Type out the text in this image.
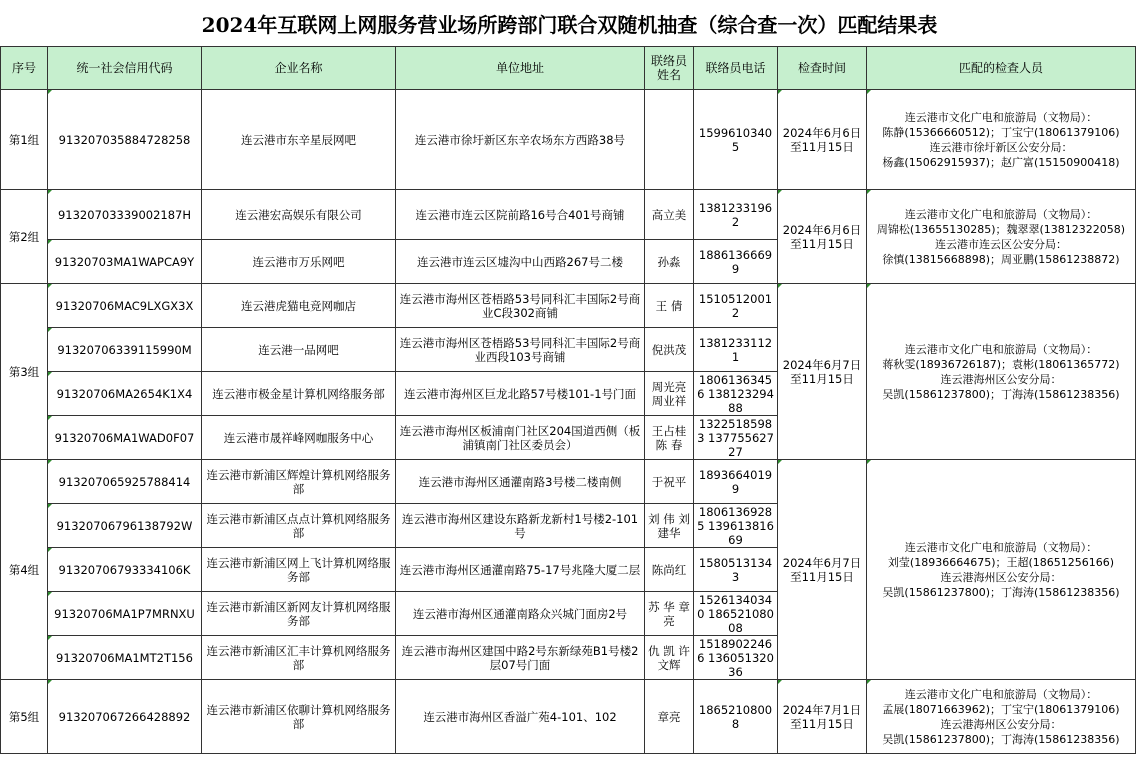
2024年互联网上网服务营业场所跨部门联合双随机抽查（综合查一次）匹配结果表
序号	统一社会信用代码	企业名称	单位地址	联络员姓名	联络员电话	检查时间	匹配的检查人员
第1组	913207035884728258	连云港市东辛星辰网吧	连云港市徐圩新区东辛农场东方西路38号		15996103405	2024年6月6日至11月15日	连云港市文化广电和旅游局（文物局）：
陈静(15366660512)；丁宝宁(18061379106)
连云港市徐圩新区公安分局：
杨鑫(15062915937)；赵广富(15150900418)

第2组	91320703339002187H	连云港宏高娱乐有限公司	连云港市连云区院前路16号合401号商铺	高立美	13812331962	2024年6月6日至11月15日	连云港市文化广电和旅游局（文物局）：
周锦松(13655130285)；魏翠翠(13812322058)
连云港市连云区公安分局：
徐慎(13815668898)；周亚鹏(15861238872)

	91320703MA1WAPCA9Y	连云港市万乐网吧	连云港市连云区墟沟中山西路267号二楼	孙淼	18861366699		
第3组	91320706MAC9LXGX3X	连云港虎猫电竞网咖店	连云港市海州区苍梧路53号同科汇丰国际2号商业C段302商铺	王 倩	15105120012	2024年6月7日至11月15日	连云港市文化广电和旅游局（文物局）：
蒋秋雯(18936726187)；袁彬(18061365772)
连云港海州区公安分局：
吴凯(15861237800)；丁海涛(15861238356)

	91320706339115990M	连云港一品网吧	连云港市海州区苍梧路53号同科汇丰国际2号商业西段103号商铺	倪洪茂	13812331121		
	91320706MA2654K1X4	连云港市极金星计算机网络服务部	连云港市海州区巨龙北路57号楼101-1号门面	周光亮 周业祥	18061363456 13812329488		
	91320706MA1WAD0F07	连云港市晟祥峰网咖服务中心	连云港市海州区板浦南门社区204国道西侧（板浦镇南门社区委员会）	王占桂 陈 春	13225185983 13775562727		
第4组	913207065925788414	连云港市新浦区辉煌计算机网络服务部	连云港市海州区通灌南路3号楼二楼南侧	于祝平	18936640199	2024年6月7日至11月15日	连云港市文化广电和旅游局（文物局）：
刘莹(18936664675)；王超(18651256166)
连云港海州区公安分局：
吴凯(15861237800)；丁海涛(15861238356)

	91320706796138792W	连云港市新浦区点点计算机网络服务部	连云港市海州区建设东路新龙新村1号楼2-101号	刘 伟 刘建华	18061369285 13961381669		
	91320706793334106K	连云港市新浦区网上飞计算机网络服务部	连云港市海州区通灌南路75-17号兆隆大厦二层	陈尚红	15805131343		
	91320706MA1P7MRNXU	连云港市新浦区新网友计算机网络服务部	连云港市海州区通灌南路众兴城门面房2号	苏 华 章 亮	15261340340 18652108008		
	91320706MA1MT2T156	连云港市新浦区汇丰计算机网络服务部	连云港市海州区建国中路2号东新绿苑B1号楼2层07号门面	仇 凯 许文辉	15189022466 13605132036		
第5组	913207067266428892	连云港市新浦区依聊计算机网络服务部	连云港市海州区香溢广苑4-101、102	章亮	18652108008	2024年7月1日至11月15日	连云港市文化广电和旅游局（文物局）：
孟展(18071663962)；丁宝宁(18061379106)
连云港海州区公安分局：
吴凯(15861237800)；丁海涛(15861238356)
